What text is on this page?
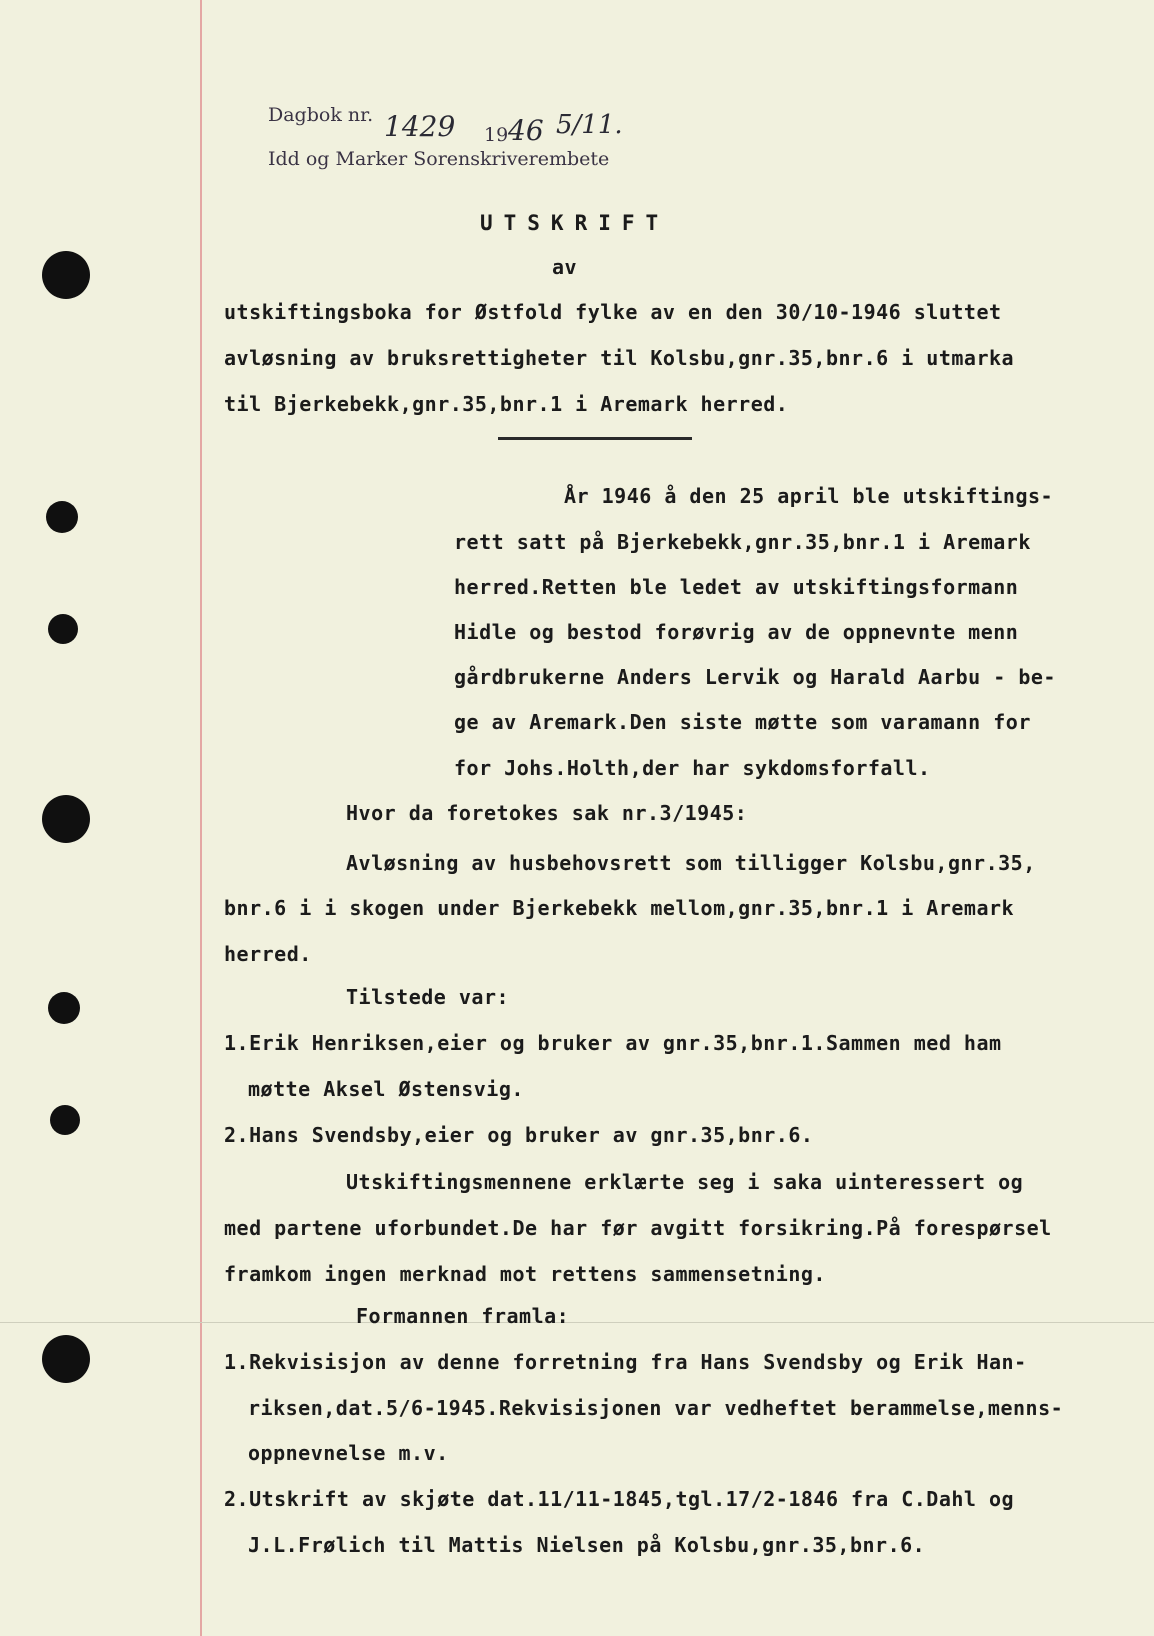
Dagbok nr. 1429 19 46 5/11.
Idd og Marker Sorenskriverembete
UTSKRIFT
av
utskiftingsboka for Østfold fylke av en den 30/10-1946 sluttet
avløsning av bruksrettigheter til Kolsbu,gnr.35,bnr.6 i utmarka
til Bjerkebekk,gnr.35,bnr.1 i Aremark herred.
År 1946 å den 25 april ble utskiftings-
rett satt på Bjerkebekk,gnr.35,bnr.1 i Aremark
herred.Retten ble ledet av utskiftingsformann
Hidle og bestod forøvrig av de oppnevnte menn
gårdbrukerne Anders Lervik og Harald Aarbu - be-
ge av Aremark.Den siste møtte som varamann for
for Johs.Holth,der har sykdomsforfall.
Hvor da foretokes sak nr.3/1945:
Avløsning av husbehovsrett som tilligger Kolsbu,gnr.35,
bnr.6 i i skogen under Bjerkebekk mellom,gnr.35,bnr.1 i Aremark
herred.
Tilstede var:
1.Erik Henriksen,eier og bruker av gnr.35,bnr.1.Sammen med ham
møtte Aksel Østensvig.
2.Hans Svendsby,eier og bruker av gnr.35,bnr.6.
Utskiftingsmennene erklærte seg i saka uinteressert og
med partene uforbundet.De har før avgitt forsikring.På forespørsel
framkom ingen merknad mot rettens sammensetning.
Formannen framla:
1.Rekvisisjon av denne forretning fra Hans Svendsby og Erik Han-
riksen,dat.5/6-1945.Rekvisisjonen var vedheftet berammelse,menns-
oppnevnelse m.v.
2.Utskrift av skjøte dat.11/11-1845,tgl.17/2-1846 fra C.Dahl og
J.L.Frølich til Mattis Nielsen på Kolsbu,gnr.35,bnr.6.
